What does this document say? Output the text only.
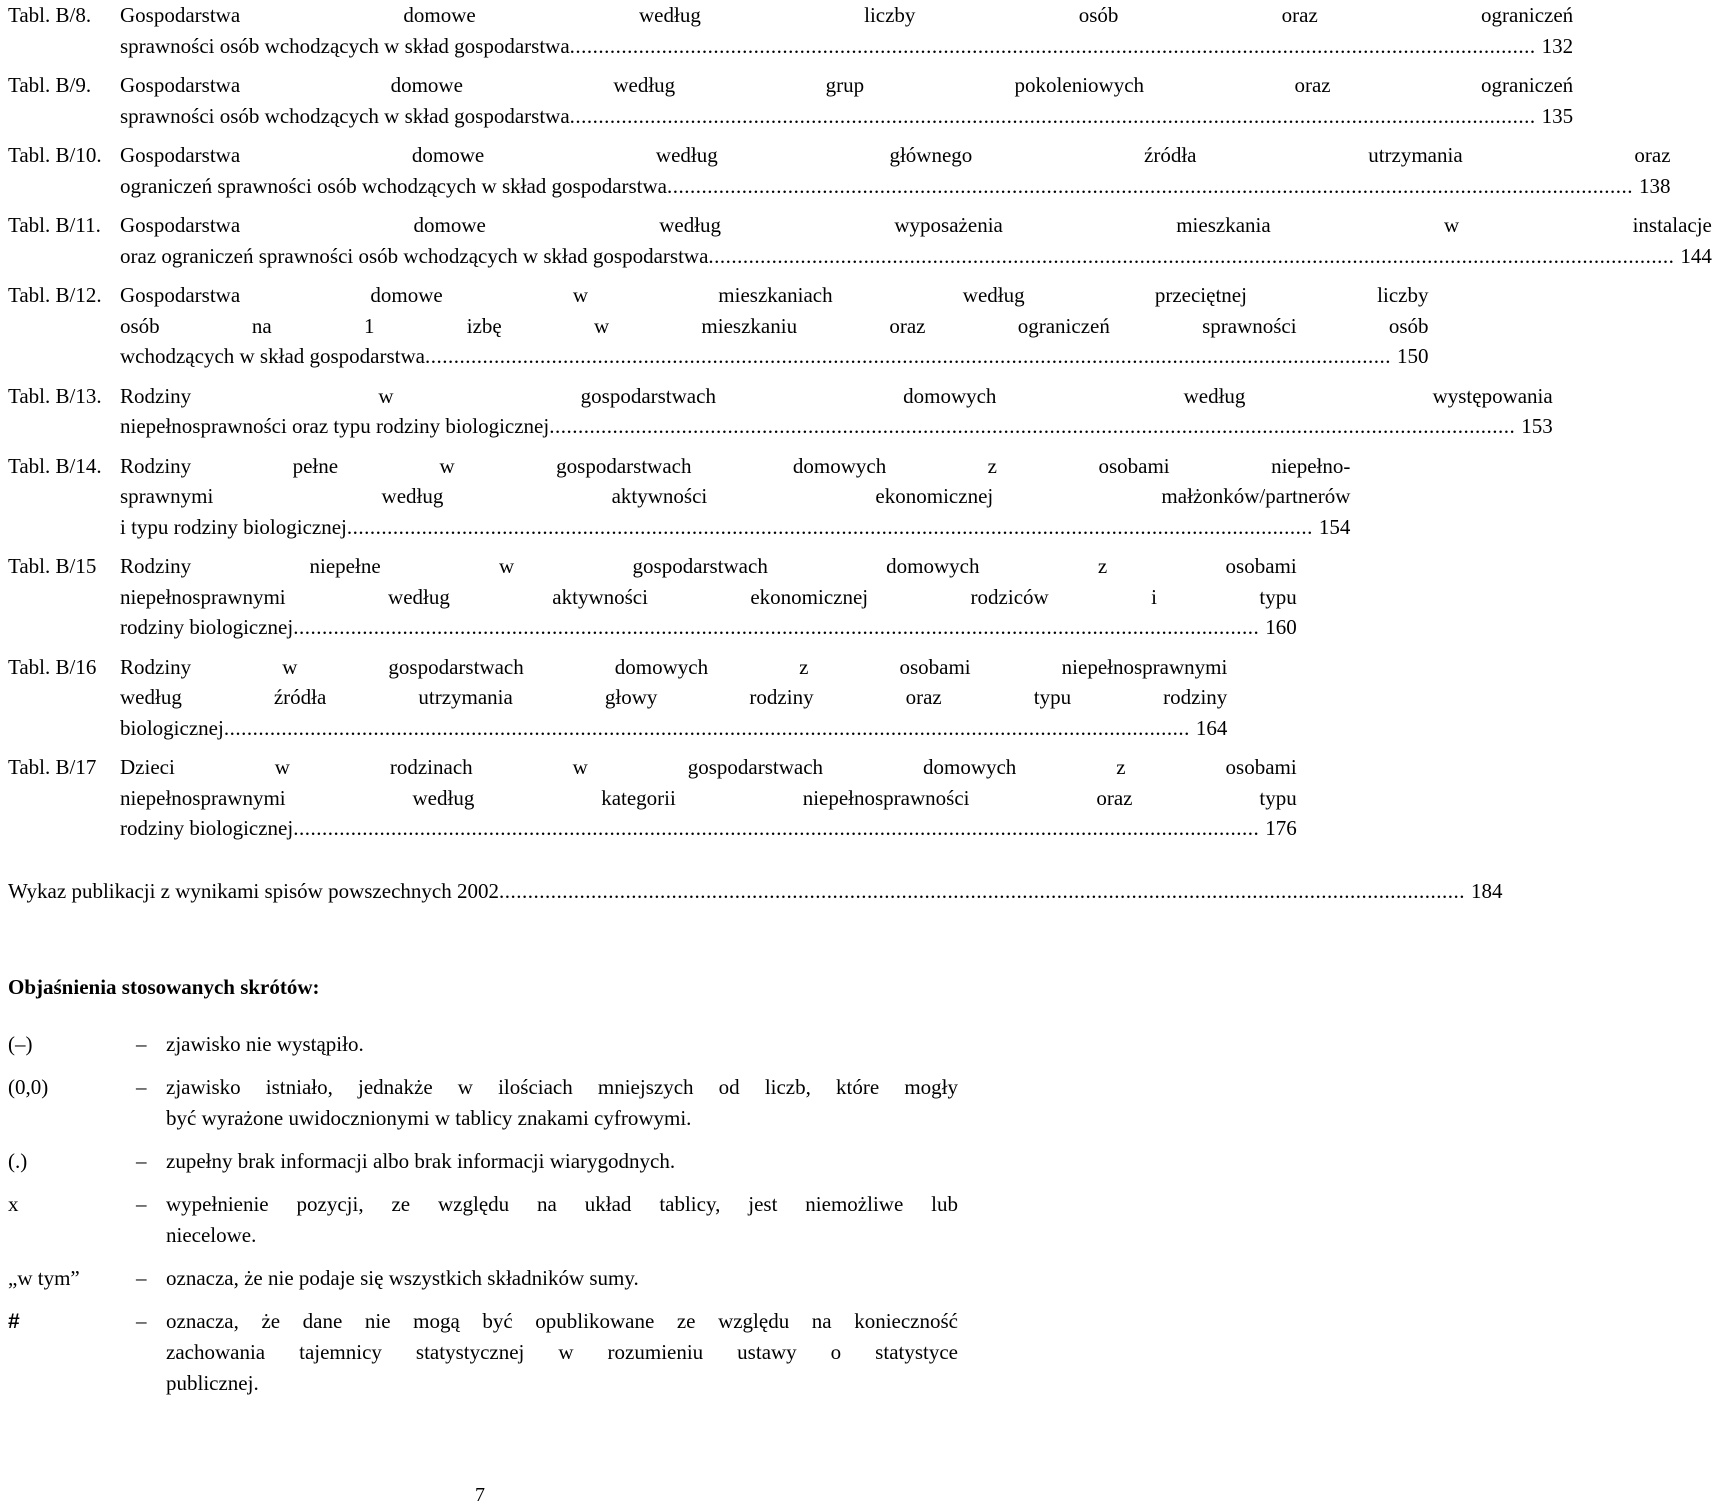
Tabl. B/8.	Gospodarstwa domowe według liczby osób oraz ograniczeń
sprawności osób wchodzących w skład gospodarstwa .....	132
Tabl. B/9.	Gospodarstwa domowe według grup pokoleniowych oraz ograniczeń
sprawności osób wchodzących w skład gospodarstwa .....	135
Tabl. B/10. Gospodarstwa domowe według głównego źródła utrzymania oraz
ograniczeń sprawności osób wchodzących w skład gospodarstwa .....	138
Tabl. B/11. Gospodarstwa domowe według wyposażenia mieszkania w instalacje
oraz ograniczeń sprawności osób wchodzących w skład gospodarstwa .....	144
Tabl. B/12. Gospodarstwa domowe w mieszkaniach według przeciętnej liczby
osób na 1 izbę w mieszkaniu oraz ograniczeń sprawności osób
wchodzących w skład gospodarstwa .....	150
Tabl. B/13. Rodziny w gospodarstwach domowych według występowania
niepełnosprawności oraz typu rodziny biologicznej .....	153
Tabl. B/14. Rodziny pełne w gospodarstwach domowych z osobami niepełno-
sprawnymi według aktywności ekonomicznej małżonków/partnerów
i typu rodziny biologicznej .....	154
Tabl. B/15	Rodziny niepełne w gospodarstwach domowych z osobami
niepełnosprawnymi według aktywności ekonomicznej rodziców i typu
rodziny biologicznej .....	160
Tabl. B/16	Rodziny w gospodarstwach domowych z osobami niepełnosprawnymi
według źródła utrzymania głowy rodziny oraz typu rodziny
biologicznej .....	164
Tabl. B/17	Dzieci w rodzinach w gospodarstwach domowych z osobami
niepełnosprawnymi według kategorii niepełnosprawności oraz typu
rodziny biologicznej .....	176
Wykaz publikacji z wynikami spisów powszechnych 2002 .....	184
Objaśnienia stosowanych skrótów:
(–)	– zjawisko nie wystąpiło.
(0,0)	– zjawisko istniało, jednakże w ilościach mniejszych od liczb, które mogły
być wyrażone uwidocznionymi w tablicy znakami cyfrowymi.
(.)	– zupełny brak informacji albo brak informacji wiarygodnych.
x	– wypełnienie pozycji, ze względu na układ tablicy, jest niemożliwe lub
niecelowe.
„w tym”	– oznacza, że nie podaje się wszystkich składników sumy.
#	– oznacza, że dane nie mogą być opublikowane ze względu na konieczność
zachowania tajemnicy statystycznej w rozumieniu ustawy o statystyce
publicznej.
7
